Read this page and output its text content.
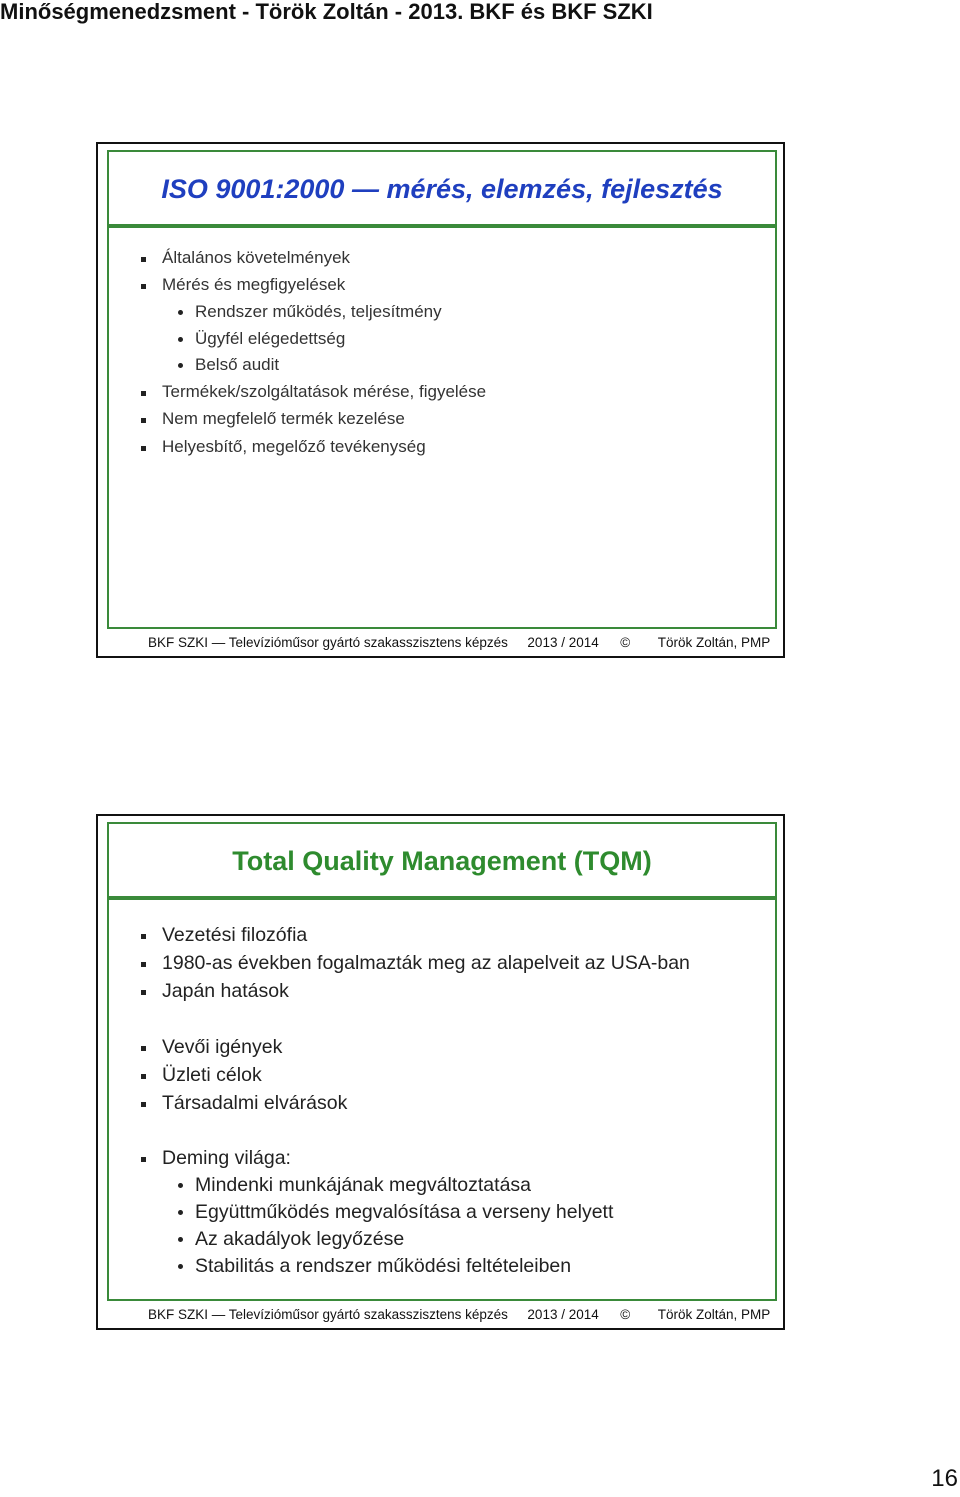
Minőségmenedzsment - Török Zoltán - 2013. BKF és BKF SZKI
ISO 9001:2000 — mérés, elemzés, fejlesztés
Általános követelmények
Mérés és megfigyelések
Rendszer működés, teljesítmény
Ügyfél elégedettség
Belső audit
Termékek/szolgáltatások mérése, figyelése
Nem megfelelő termék kezelése
Helyesbítő, megelőző tevékenység
BKF SZKI — Televízióműsor gyártó szakasszisztens képzés 2013 / 2014 © Török Zoltán, PMP
Total Quality Management (TQM)
Vezetési filozófia
1980-as években fogalmazták meg az alapelveit az USA-ban
Japán hatások
Vevői igények
Üzleti célok
Társadalmi elvárások
Deming világa:
Mindenki munkájának megváltoztatása
Együttműködés megvalósítása a verseny helyett
Az akadályok legyőzése
Stabilitás a rendszer működési feltételeiben
BKF SZKI — Televízióműsor gyártó szakasszisztens képzés 2013 / 2014 © Török Zoltán, PMP
16
